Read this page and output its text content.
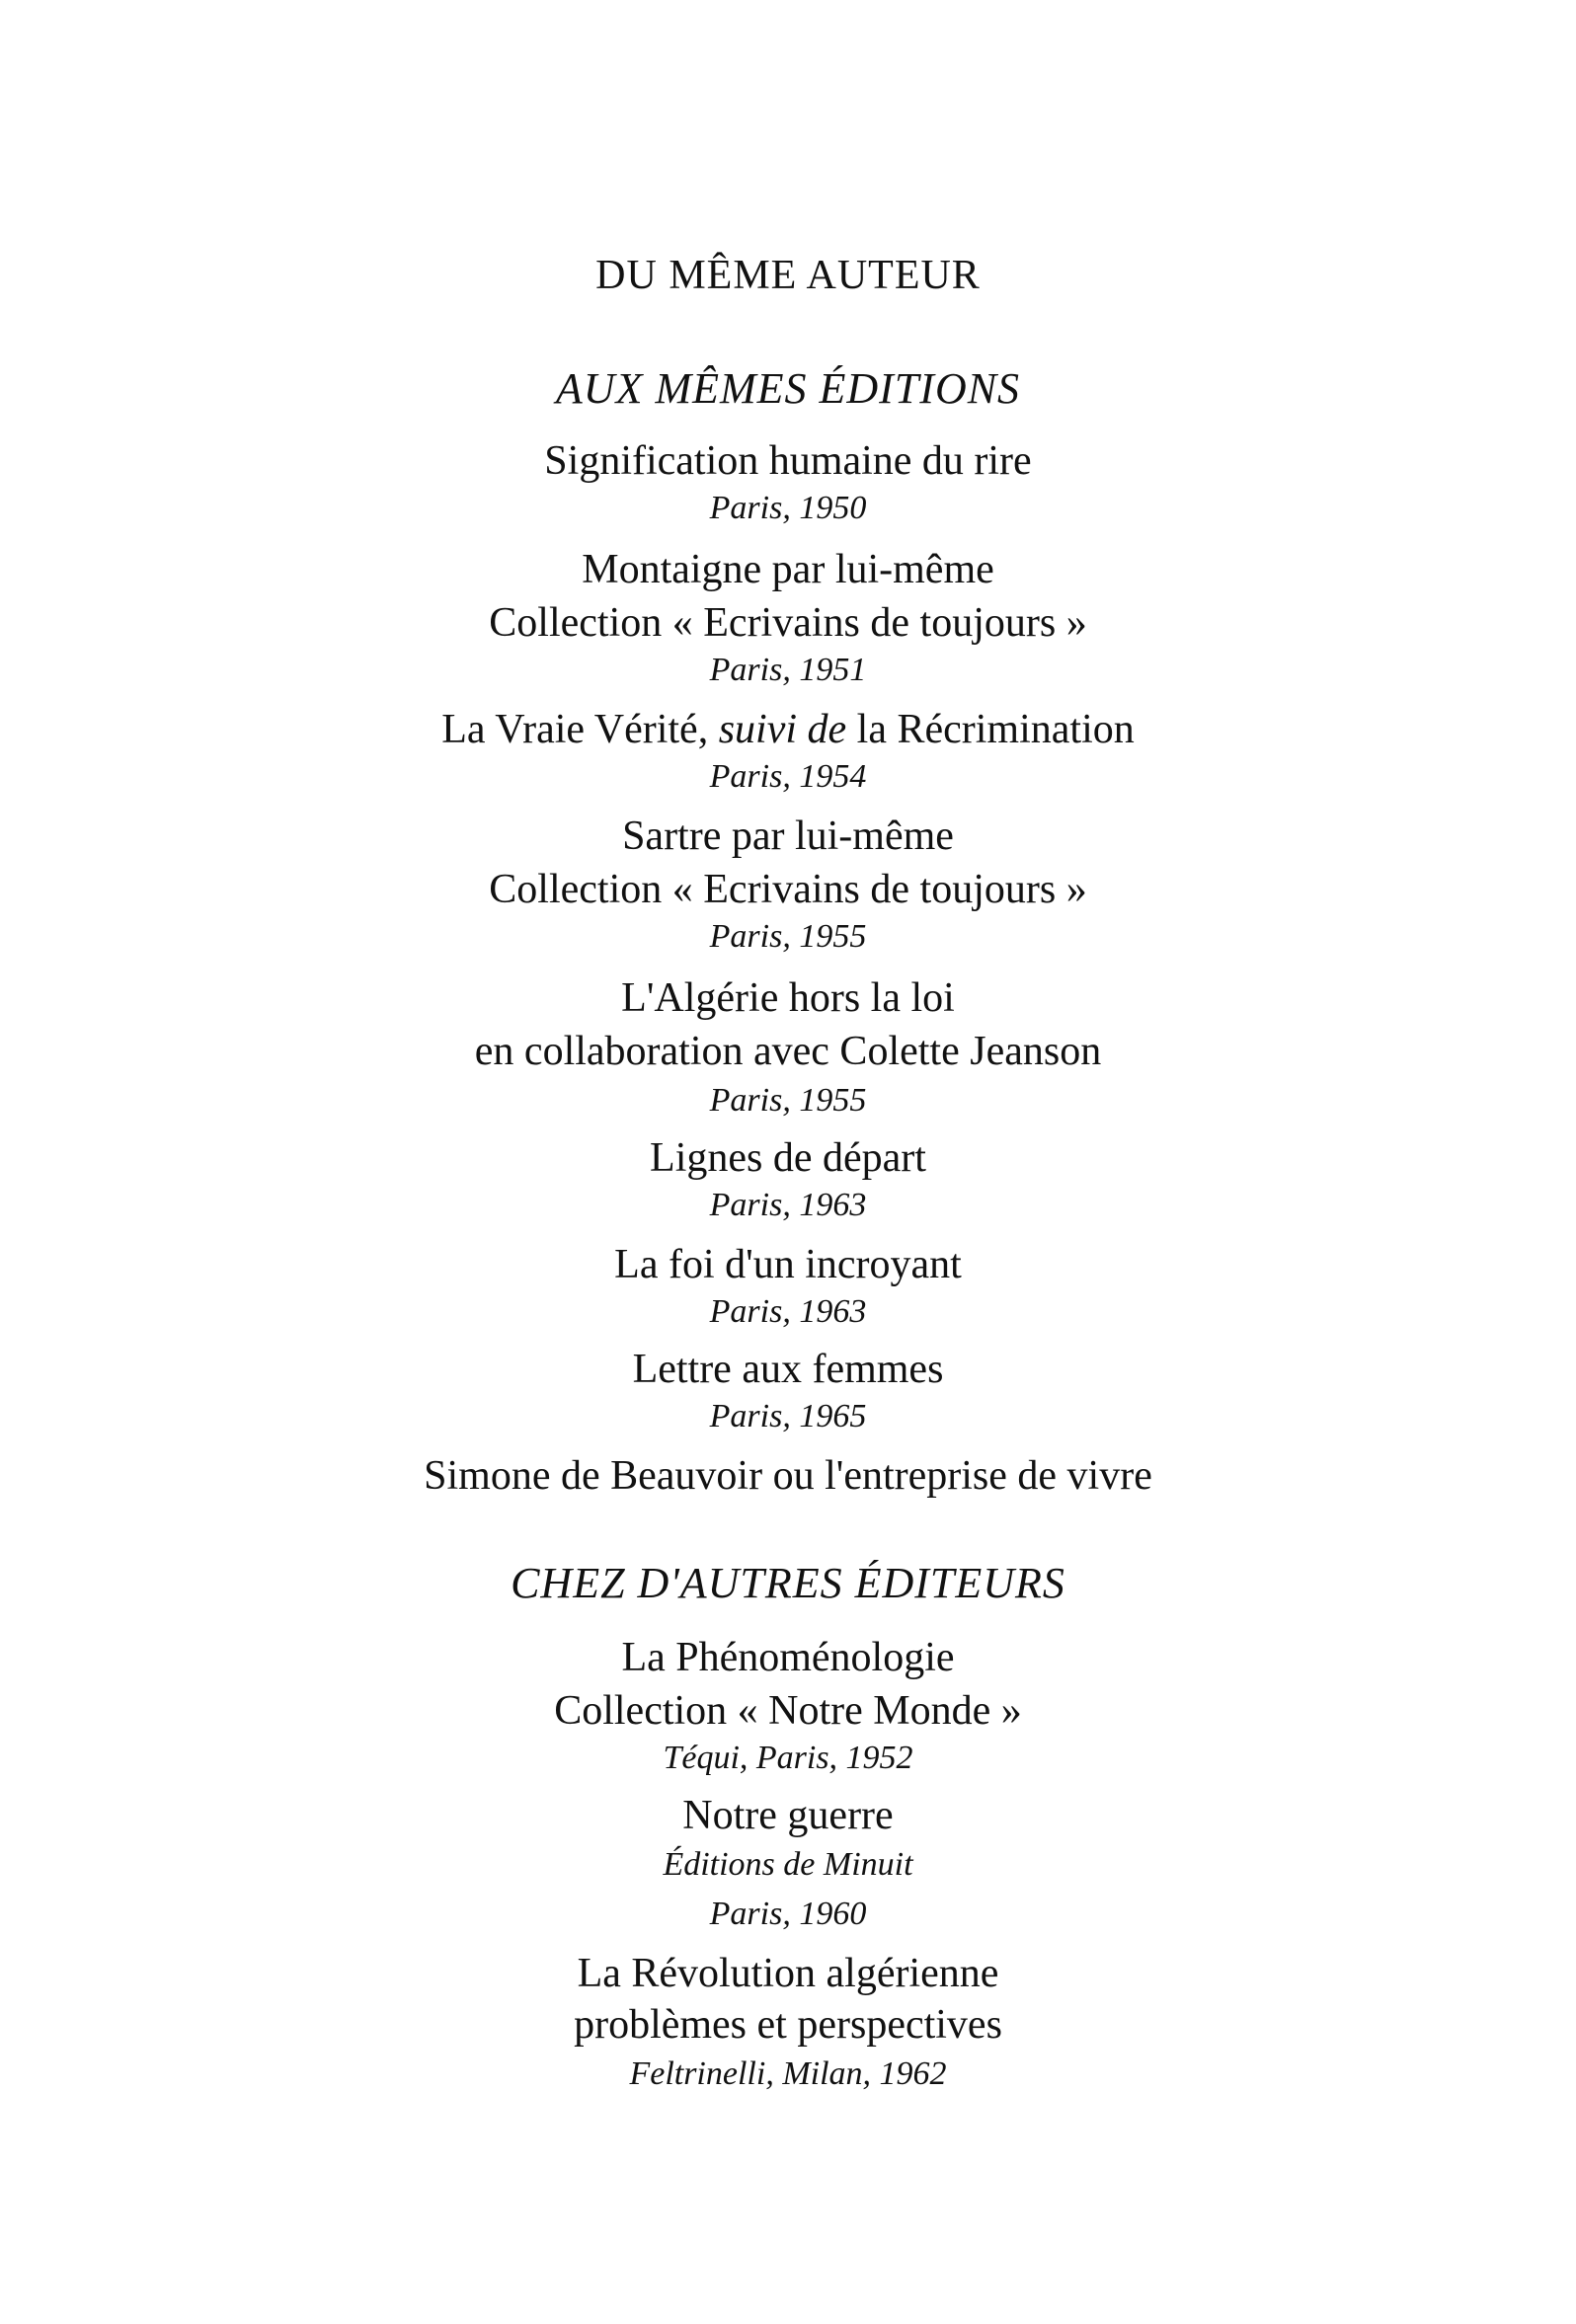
DU MÊME AUTEUR
AUX MÊMES ÉDITIONS
Signification humaine du rire
Paris, 1950
Montaigne par lui-même
Collection « Ecrivains de toujours »
Paris, 1951
La Vraie Vérité, suivi de la Récrimination
Paris, 1954
Sartre par lui-même
Collection « Ecrivains de toujours »
Paris, 1955
L'Algérie hors la loi
en collaboration avec Colette Jeanson
Paris, 1955
Lignes de départ
Paris, 1963
La foi d'un incroyant
Paris, 1963
Lettre aux femmes
Paris, 1965
Simone de Beauvoir ou l'entreprise de vivre
CHEZ D'AUTRES ÉDITEURS
La Phénoménologie
Collection « Notre Monde »
Téqui, Paris, 1952
Notre guerre
Éditions de Minuit
Paris, 1960
La Révolution algérienne
problèmes et perspectives
Feltrinelli, Milan, 1962
